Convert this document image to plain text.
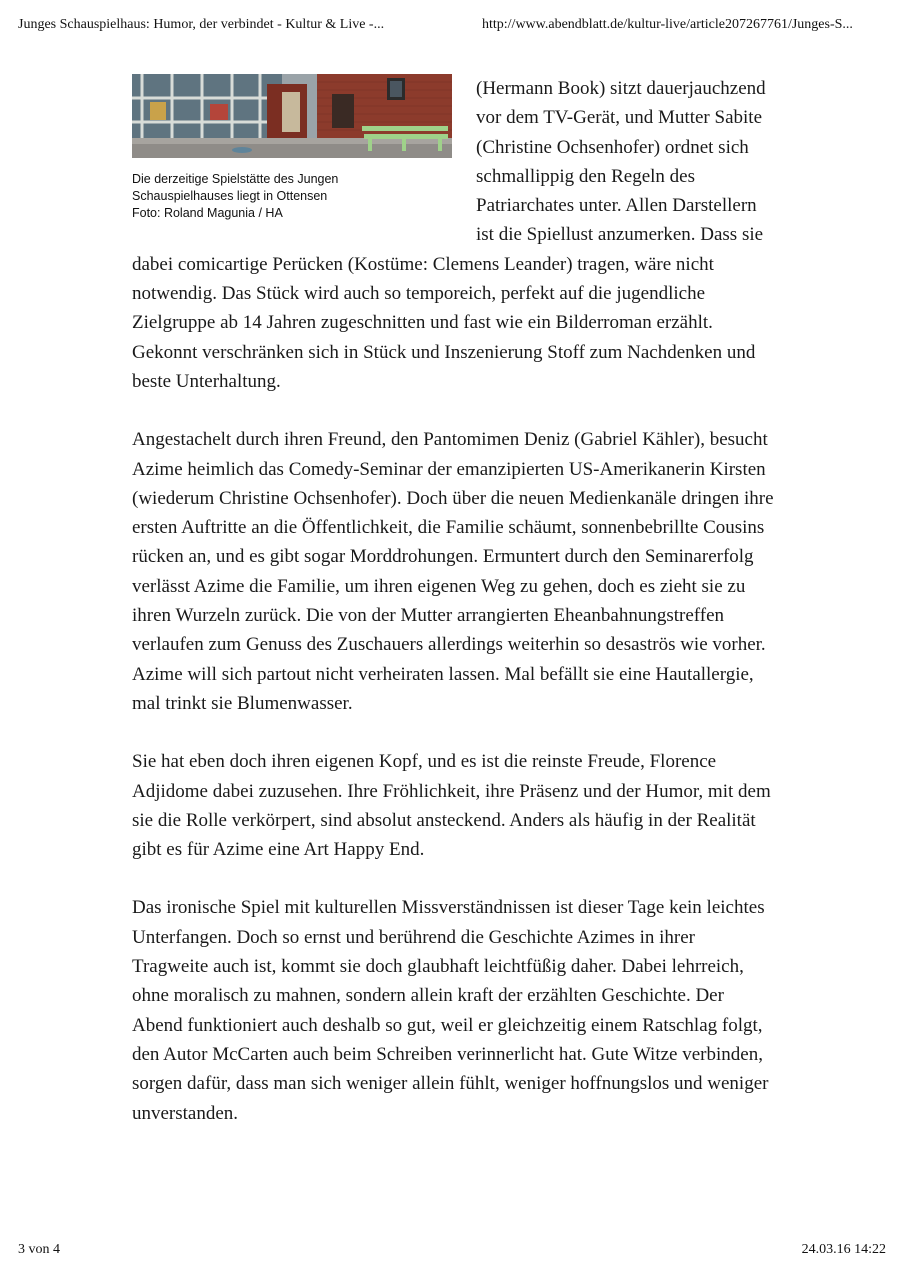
Junges Schauspielhaus: Humor, der verbindet - Kultur & Live -...	http://www.abendblatt.de/kultur-live/article207267761/Junges-S...
Die derzeitige Spielstätte des Jungen
Schauspielhauses liegt in Ottensen
Foto: Roland Magunia / HA

(Hermann Book) sitzt dauerjauchzend vor dem TV-Gerät, und Mutter Sabite (Christine Ochsenhofer) ordnet sich schmallippig den Regeln des Patriarchates unter. Allen Darstellern ist die Spiellust anzumerken. Dass sie dabei comicartige Perücken (Kostüme: Clemens Leander) tragen, wäre nicht notwendig. Das Stück wird auch so temporeich, perfekt auf die jugendliche Zielgruppe ab 14 Jahren zugeschnitten und fast wie ein Bilderroman erzählt. Gekonnt verschränken sich in Stück und Inszenierung Stoff zum Nachdenken und beste Unterhaltung.

Angestachelt durch ihren Freund, den Pantomimen Deniz (Gabriel Kähler), besucht Azime heimlich das Comedy-Seminar der emanzipierten US-Amerikanerin Kirsten (wiederum Christine Ochsenhofer). Doch über die neuen Medienkanäle dringen ihre ersten Auftritte an die Öffentlichkeit, die Familie schäumt, sonnenbebrillte Cousins rücken an, und es gibt sogar Morddrohungen. Ermuntert durch den Seminarerfolg verlässt Azime die Familie, um ihren eigenen Weg zu gehen, doch es zieht sie zu ihren Wurzeln zurück. Die von der Mutter arrangierten Eheanbahnungstreffen verlaufen zum Genuss des Zuschauers allerdings weiterhin so desaströs wie vorher. Azime will sich partout nicht verheiraten lassen. Mal befällt sie eine Hautallergie, mal trinkt sie Blumenwasser.

Sie hat eben doch ihren eigenen Kopf, und es ist die reinste Freude, Florence Adjidome dabei zuzusehen. Ihre Fröhlichkeit, ihre Präsenz und der Humor, mit dem sie die Rolle verkörpert, sind absolut ansteckend. Anders als häufig in der Realität gibt es für Azime eine Art Happy End.

Das ironische Spiel mit kulturellen Missverständnissen ist dieser Tage kein leichtes Unterfangen. Doch so ernst und berührend die Geschichte Azimes in ihrer Tragweite auch ist, kommt sie doch glaubhaft leichtfüßig daher. Dabei lehrreich, ohne moralisch zu mahnen, sondern allein kraft der erzählten Geschichte. Der Abend funktioniert auch deshalb so gut, weil er gleichzeitig einem Ratschlag folgt, den Autor McCarten auch beim Schreiben verinnerlicht hat. Gute Witze verbinden, sorgen dafür, dass man sich weniger allein fühlt, weniger hoffnungslos und weniger unverstanden.

3 von 4	24.03.16 14:22
